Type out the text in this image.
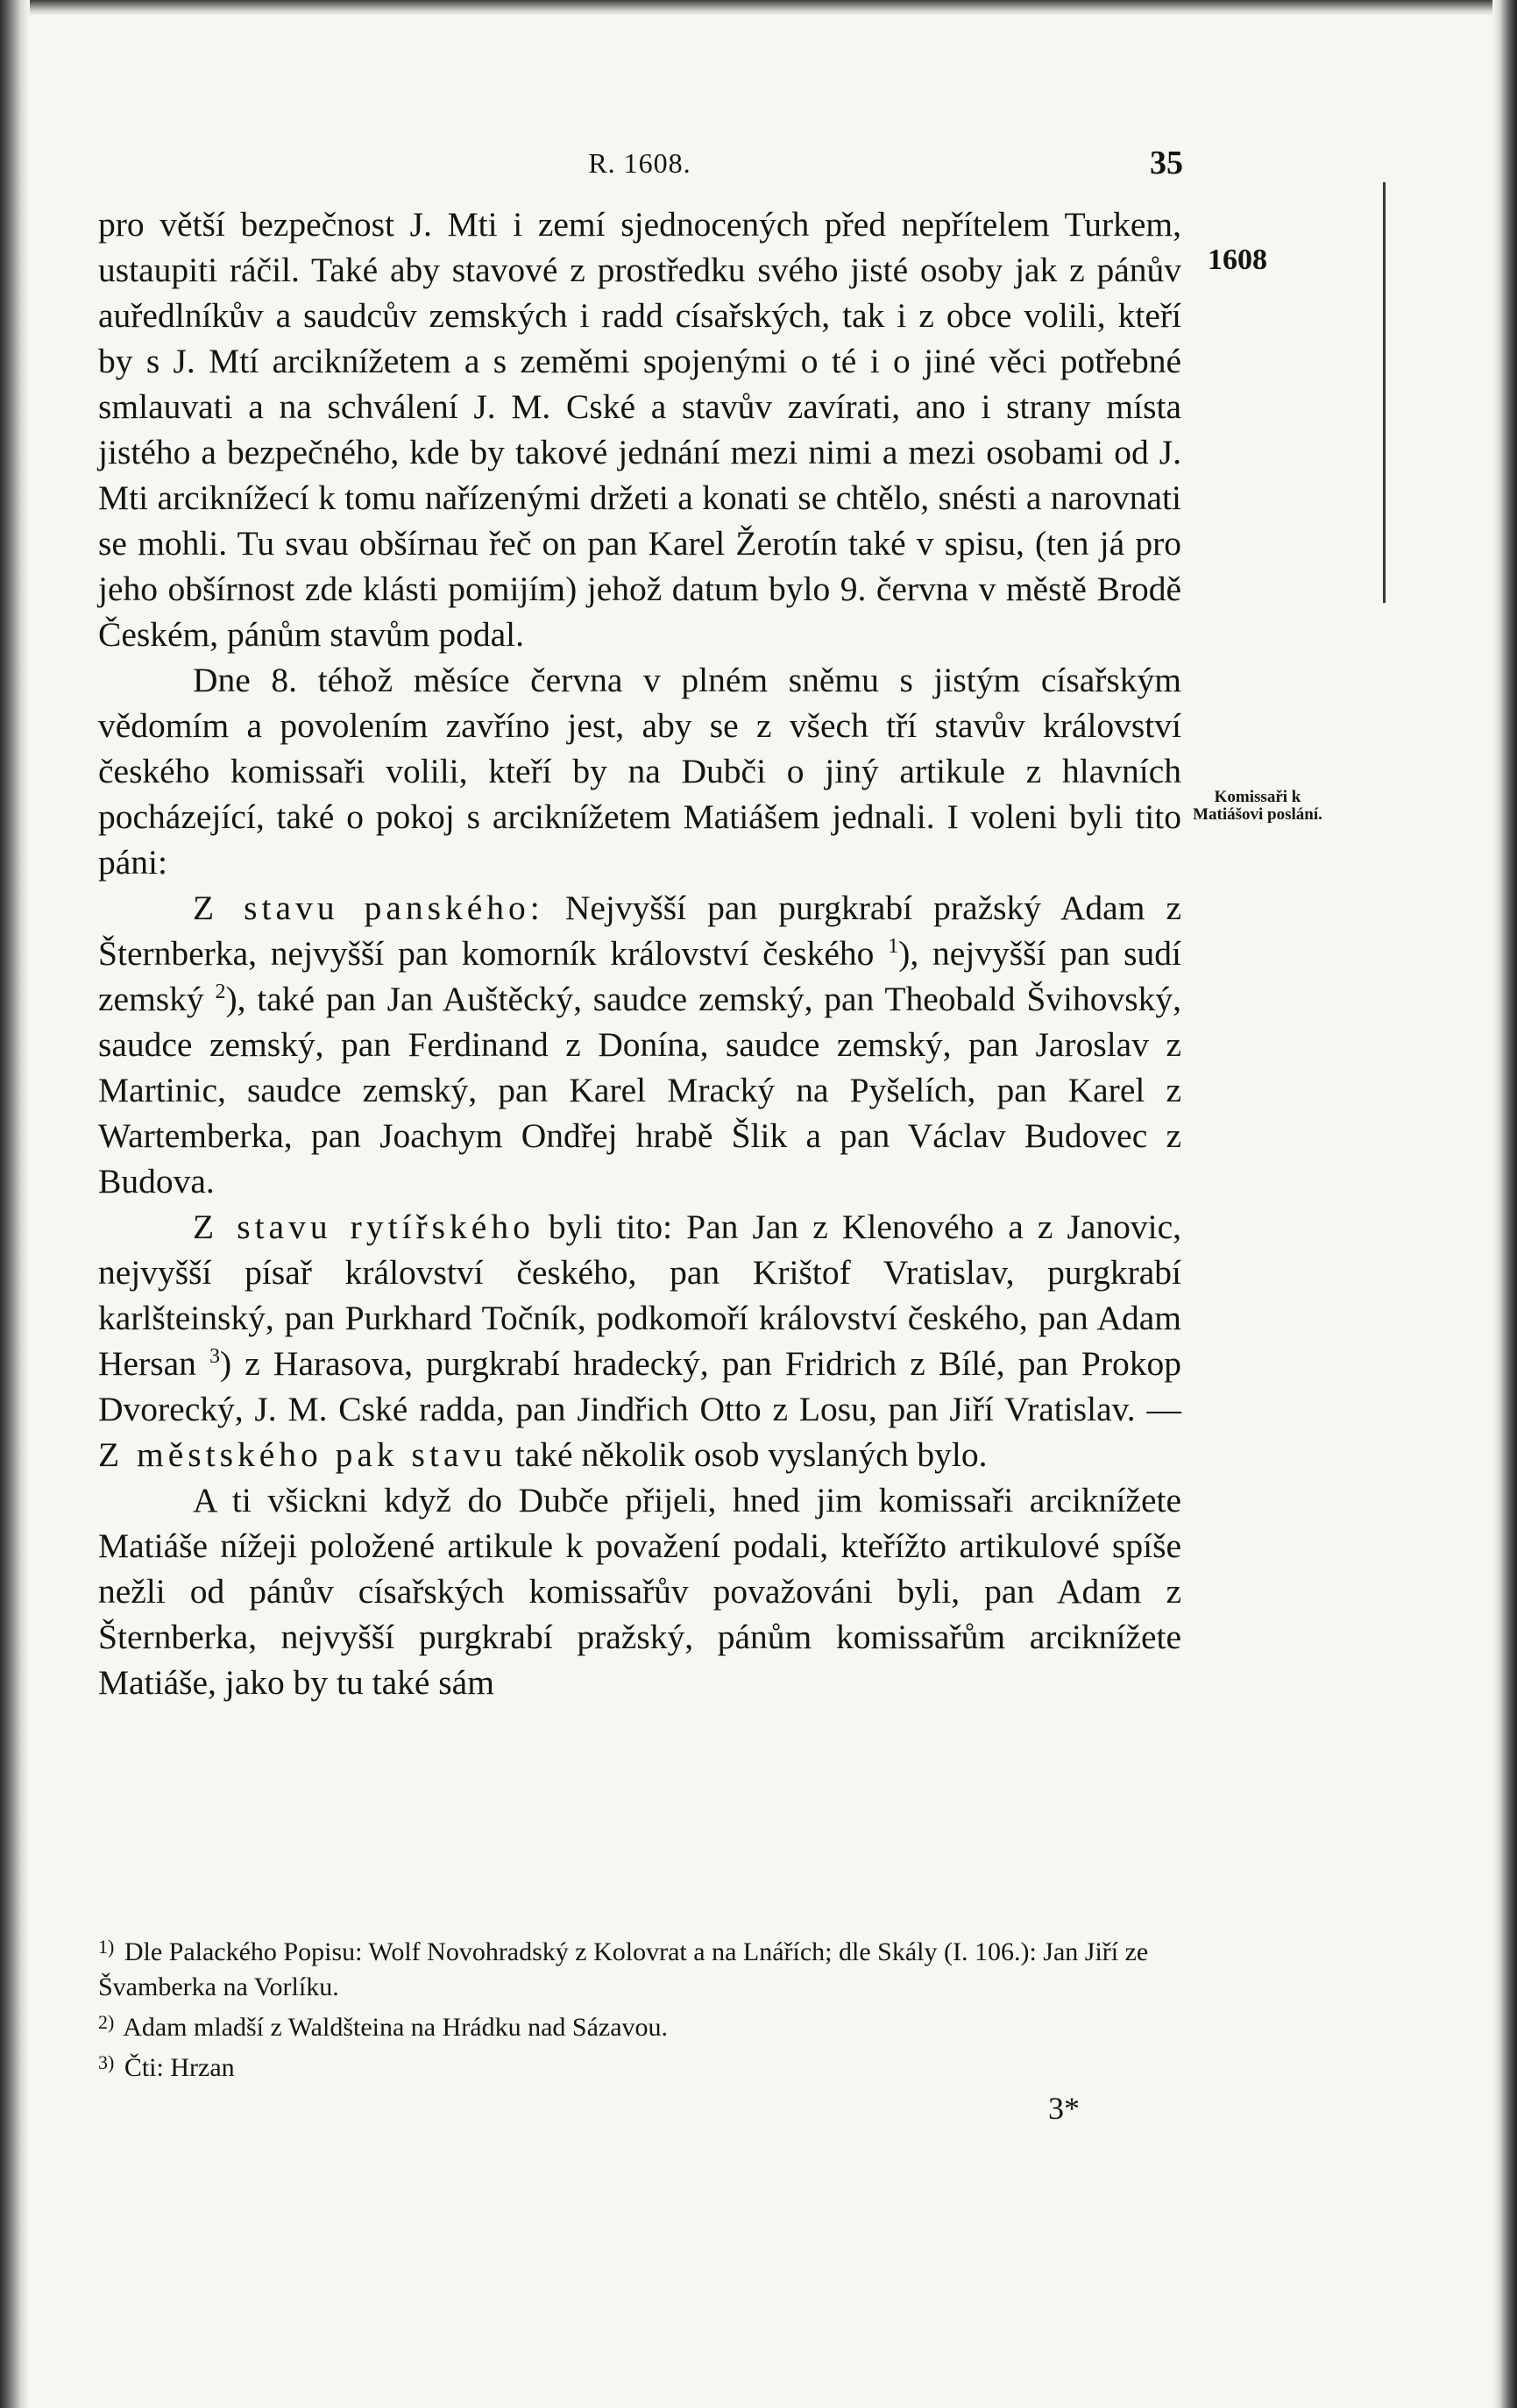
R. 1608.	35

pro větší bezpečnost J. Mti i zemí sjednocených před nepřítelem Turkem, ustaupiti ráčil. Také aby stavové z prostředku svého jisté osoby jak z pánův auředlníkův a saudcův zemských i radd císařských, tak i z obce volili, kteří by s J. Mtí arciknížetem a s zeměmi spojenými o té i o jiné věci potřebné smlauvati a na schválení J. M. Cské a stavův zavírati, ano i strany místa jistého a bezpečného, kde by takové jednání mezi nimi a mezi osobami od J. Mti arciknížecí k tomu nařízenými držeti a konati se chtělo, snésti a narovnati se mohli. Tu svau obšírnau řeč on pan Karel Žerotín také v spisu, (ten já pro jeho obšírnost zde klásti pomijím) jehož datum bylo 9. června v městě Brodě Českém, pánům stavům podal.

Dne 8. téhož měsíce června v plném sněmu s jistým císařským vědomím a povolením zavříno jest, aby se z všech tří stavův království českého komissaři volili, kteří by na Dubči o jiný artikule z hlavních pocházející, také o pokoj s arciknížetem Matiášem jednali. I voleni byli tito páni:

Z stavu panského: Nejvyšší pan purgkrabí pražský Adam z Šternberka, nejvyšší pan komorník království českého $^1$), nejvyšší pan sudí zemský $^2$), také pan Jan Auštěcký, saudce zemský, pan Theobald Švihovský, saudce zemský, pan Ferdinand z Donína, saudce zemský, pan Jaroslav z Martinic, saudce zemský, pan Karel Mracký na Pyšelích, pan Karel z Wartemberka, pan Joachym Ondřej hrabě Šlik a pan Václav Budovec z Budova.

Z stavu rytířského byli tito: Pan Jan z Klenového a z Janovic, nejvyšší písař království českého, pan Krištof Vratislav, purgkrabí karlšteinský, pan Purkhard Točník, podkomoří království českého, pan Adam Hersan $^3$) z Harasova, purgkrabí hradecký, pan Fridrich z Bílé, pan Prokop Dvorecký, J. M. Cské radda, pan Jindřich Otto z Losu, pan Jiří Vratislav. — Z městského pak stavu také několik osob vyslaných bylo.

A ti všickni když do Dubče přijeli, hned jim komissaři arciknížete Matiáše nížeji položené artikule k považení podali, kteřížto artikulové spíše nežli od pánův císařských komissařův považováni byli, pan Adam z Šternberka, nejvyšší purgkrabí pražský, pánům komissařům arciknížete Matiáše, jako by tu také sám

1608
Komissaři k Matiášovi poslání.

$^{1)}$ Dle Palackého Popisu: Wolf Novohradský z Kolovrat a na Lnářích; dle Skály (I. 106.): Jan Jiří ze Švamberka na Vorlíku.

$^{2)}$ Adam mladší z Waldšteina na Hrádku nad Sázavou.

$^{3)}$ Čti: Hrzan

3*
